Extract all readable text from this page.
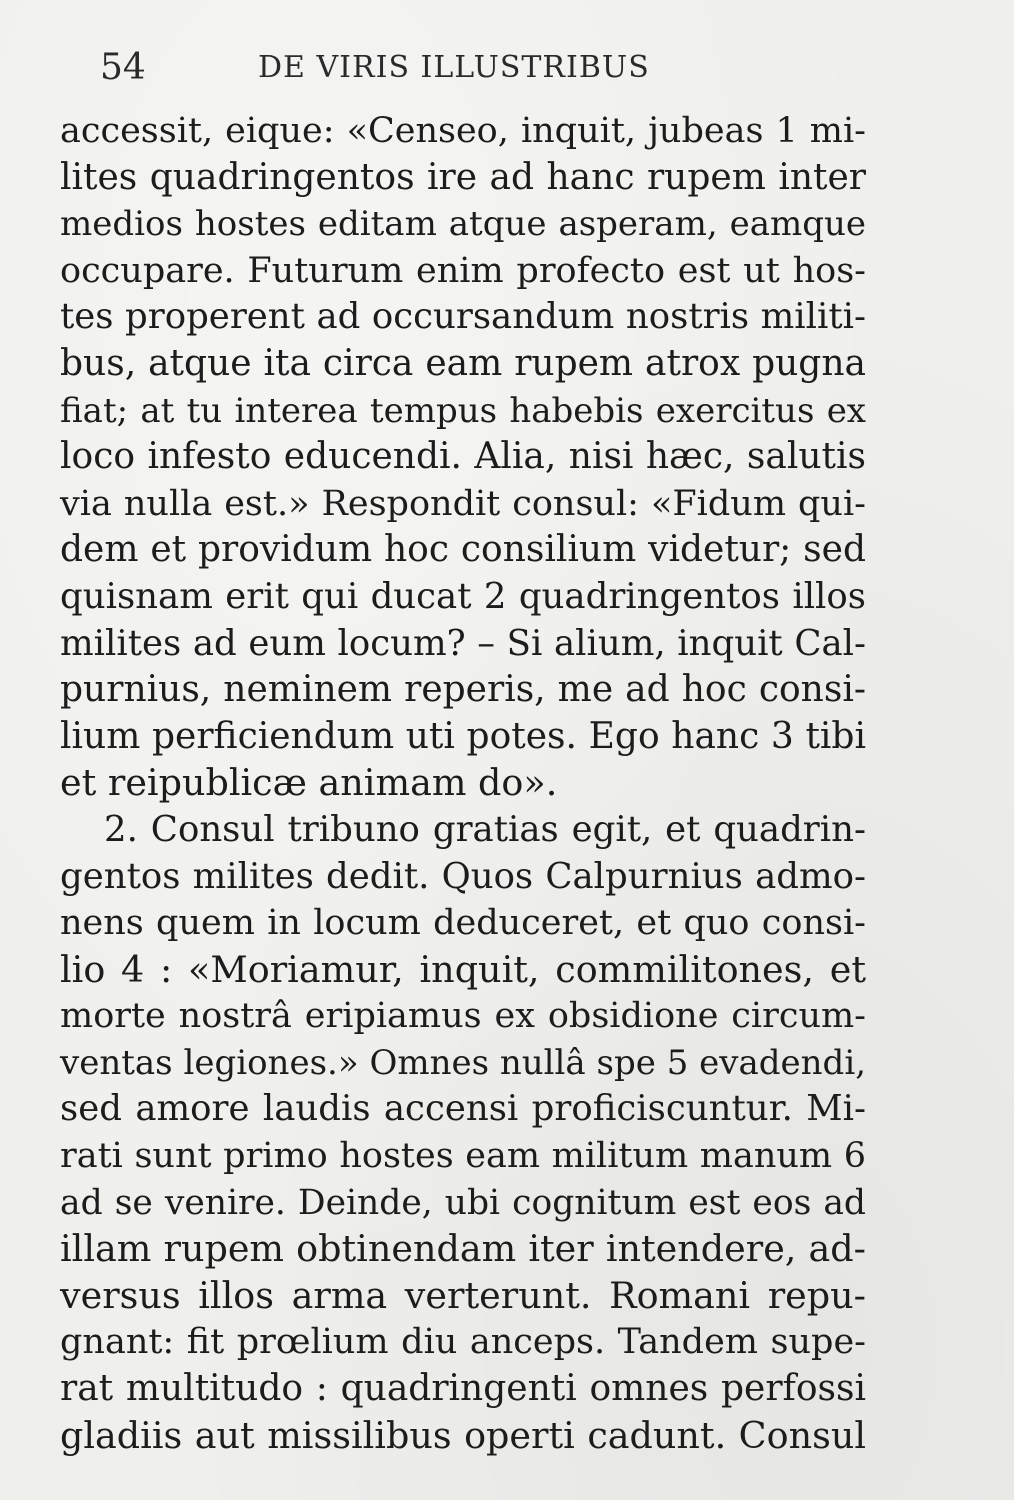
54	DE VIRIS ILLUSTRIBUS
accessit, eique: «Censeo, inquit, jubeas 1 mi-
lites quadringentos ire ad hanc rupem inter
medios hostes editam atque asperam, eamque
occupare. Futurum enim profecto est ut hos-
tes properent ad occursandum nostris militi-
bus, atque ita circa eam rupem atrox pugna
fiat; at tu interea tempus habebis exercitus ex
loco infesto educendi. Alia, nisi hæc, salutis
via nulla est.» Respondit consul: «Fidum qui-
dem et providum hoc consilium videtur; sed
quisnam erit qui ducat 2 quadringentos illos
milites ad eum locum? – Si alium, inquit Cal-
purnius, neminem reperis, me ad hoc consi-
lium perficiendum uti potes. Ego hanc 3 tibi
et reipublicæ animam do».
2. Consul tribuno gratias egit, et quadrin-
gentos milites dedit. Quos Calpurnius admo-
nens quem in locum deduceret, et quo consi-
lio 4 : «Moriamur, inquit, commilitones, et
morte nostrâ eripiamus ex obsidione circum-
ventas legiones.» Omnes nullâ spe 5 evadendi,
sed amore laudis accensi proficiscuntur. Mi-
rati sunt primo hostes eam militum manum 6
ad se venire. Deinde, ubi cognitum est eos ad
illam rupem obtinendam iter intendere, ad-
versus illos arma verterunt. Romani repu-
gnant: fit prœlium diu anceps. Tandem supe-
rat multitudo : quadringenti omnes perfossi
gladiis aut missilibus operti cadunt. Consul
